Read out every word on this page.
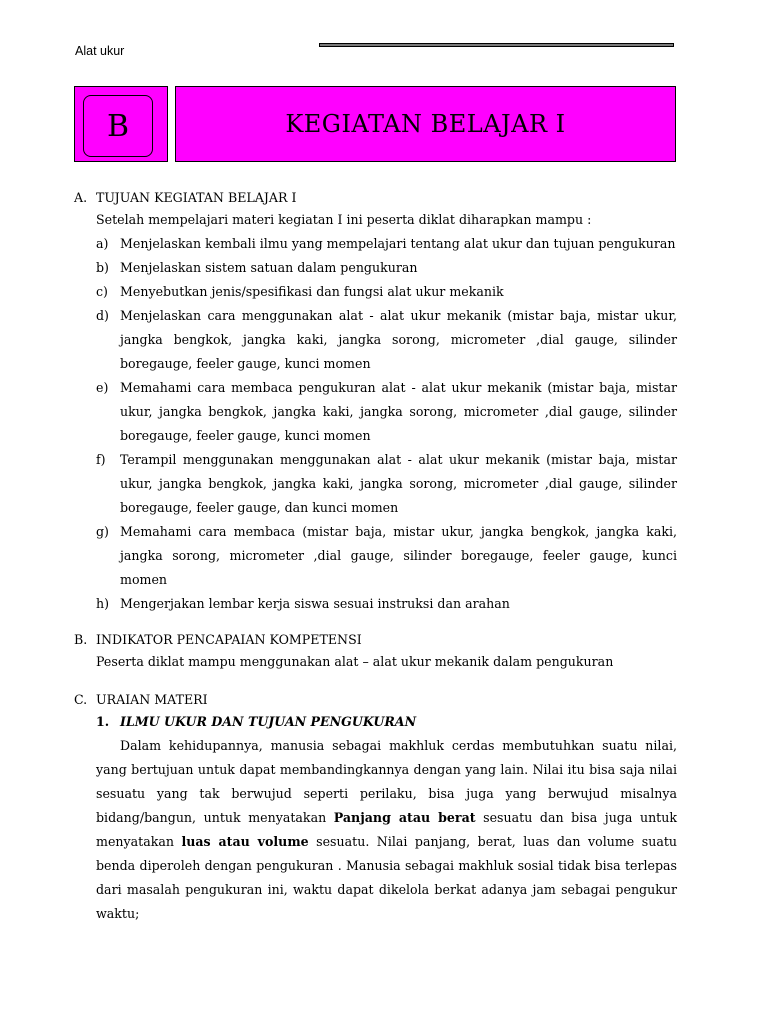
Alat ukur
B	KEGIATAN BELAJAR I
A. TUJUAN KEGIATAN BELAJAR I
Setelah mempelajari materi kegiatan I ini peserta diklat diharapkan mampu :
a) Menjelaskan kembali ilmu yang mempelajari tentang alat ukur dan tujuan pengukuran
b) Menjelaskan sistem satuan dalam pengukuran
c) Menyebutkan jenis/spesifikasi dan fungsi alat ukur mekanik
d) Menjelaskan cara menggunakan alat - alat ukur mekanik (mistar baja, mistar ukur, jangka bengkok, jangka kaki, jangka sorong, micrometer ,dial gauge, silinder boregauge, feeler gauge, kunci momen
e) Memahami cara membaca pengukuran alat - alat ukur mekanik (mistar baja, mistar ukur, jangka bengkok, jangka kaki, jangka sorong, micrometer ,dial gauge, silinder boregauge, feeler gauge, kunci momen
f)	Terampil menggunakan menggunakan alat - alat ukur mekanik (mistar baja, mistar ukur, jangka bengkok, jangka kaki, jangka sorong, micrometer ,dial gauge, silinder boregauge, feeler gauge, dan kunci momen
g) Memahami cara membaca (mistar baja, mistar ukur, jangka bengkok, jangka kaki, jangka sorong, micrometer ,dial gauge, silinder boregauge, feeler gauge, kunci momen
h) Mengerjakan lembar kerja siswa sesuai instruksi dan arahan
B. INDIKATOR PENCAPAIAN KOMPETENSI
Peserta diklat mampu menggunakan alat – alat ukur mekanik dalam pengukuran
C. URAIAN MATERI
1. ILMU UKUR DAN TUJUAN PENGUKURAN
Dalam kehidupannya, manusia sebagai makhluk cerdas membutuhkan suatu nilai, yang bertujuan untuk dapat membandingkannya dengan yang lain. Nilai itu bisa saja nilai sesuatu yang tak berwujud seperti perilaku, bisa juga yang berwujud misalnya bidang/bangun, untuk menyatakan Panjang atau berat sesuatu dan bisa juga untuk menyatakan luas atau volume sesuatu. Nilai panjang, berat, luas dan volume suatu benda diperoleh dengan pengukuran . Manusia sebagai makhluk sosial tidak bisa terlepas dari masalah pengukuran ini, waktu dapat dikelola berkat adanya jam sebagai pengukur waktu;
